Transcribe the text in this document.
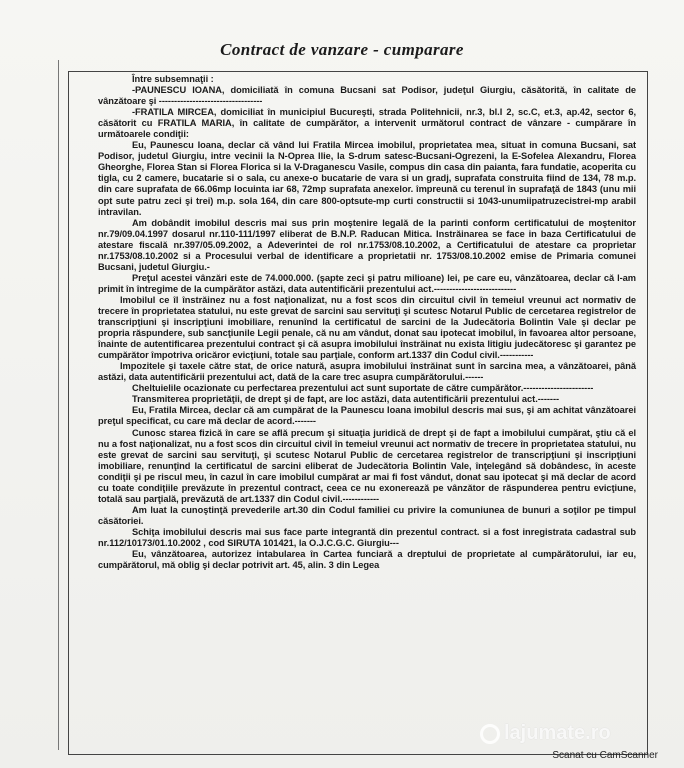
Contract de vanzare - cumparare

Între subsemnaţii :

-PAUNESCU IOANA, domiciliată în comuna Bucsani sat Podisor, judeţul Giurgiu, căsătorită, în calitate de vânzătoare şi ----------------------------------

-FRATILA MIRCEA, domiciliat în municipiul Bucureşti, strada Politehnicii, nr.3, bl.I 2, sc.C, et.3, ap.42, sector 6, căsătorit cu FRATILA MARIA, în calitate de cumpărător, a intervenit următorul contract de vânzare - cumpărare în următoarele condiţii:

Eu, Paunescu Ioana, declar că vând lui Fratila Mircea imobilul, proprietatea mea, situat in comuna Bucsani, sat Podisor, judetul Giurgiu, intre vecinii la N-Oprea Ilie, la S-drum satesc-Bucsani-Ogrezeni, la E-Sofelea Alexandru, Florea Gheorghe, Florea Stan si Florea Florica si la V-Draganescu Vasile, compus din casa din paianta, fara fundatie, acoperita cu tigla, cu 2 camere, bucatarie si o sala, cu anexe-o bucatarie de vara si un gradj, suprafata construita fiind de 134, 78 m.p. din care suprafata de 66.06mp locuinta iar 68, 72mp suprafata anexelor. împreună cu terenul în suprafaţă de 1843 (unu mii opt sute patru zeci şi trei) m.p. sola 164, din care 800-optsute-mp curti constructii si 1043-unumiipatruzecistrei-mp arabil intravilan.

Am dobândit imobilul descris mai sus prin moştenire legală de la parinti conform certificatului de moştenitor nr.79/09.04.1997 dosarul nr.110-111/1997 eliberat de B.N.P. Raducan Mitica. Instrăinarea se face in baza Certificatului de atestare fiscală nr.397/05.09.2002, a Adeverintei de rol nr.1753/08.10.2002, a Certificatului de atestare ca proprietar nr.1753/08.10.2002 si a Procesului verbal de identificare a proprietatii nr. 1753/08.10.2002 emise de Primaria comunei Bucsani, judetul Giurgiu.-

Preţul acestei vânzări este de 74.000.000. (şapte zeci şi patru milioane) lei, pe care eu, vânzătoarea, declar că l-am primit în întregime de la cumpărător astăzi, data autentificării prezentului act.---------------------------

Imobilul ce îl înstrăinez nu a fost naţionalizat, nu a fost scos din circuitul civil în temeiul vreunui act normativ de trecere în proprietatea statului, nu este grevat de sarcini sau servituţi şi scutesc Notarul Public de cercetarea registrelor de transcripţiuni şi inscripţiuni imobiliare, renunînd la certificatul de sarcini de la Judecătoria Bolintin Vale şi declar pe propria răspundere, sub sancţiunile Legii penale, că nu am vândut, donat sau ipotecat imobilul, în favoarea altor persoane, înainte de autentificarea prezentului contract şi că asupra imobilului înstrăinat nu exista litigiu judecătoresc şi garantez pe cumpărător împotriva oricăror evicţiuni, totale sau parţiale, conform art.1337 din Codul civil.-----------

Impozitele şi taxele către stat, de orice natură, asupra imobilului înstrăinat sunt în sarcina mea, a vânzătoarei, până astăzi, data autentificării prezentului act, dată de la care trec asupra cumpărătorului.------

Cheltuielile ocazionate cu perfectarea prezentului act sunt suportate de către cumpărător.-----------------------

Transmiterea proprietăţii, de drept şi de fapt, are loc astăzi, data autentificării prezentului act.-------

Eu, Fratila Mircea, declar că am cumpărat de la Paunescu Ioana imobilul descris mai sus, şi am achitat vânzătoarei preţul specificat, cu care mă declar de acord.-------

Cunosc starea fizică în care se află precum şi situaţia juridică de drept şi de fapt a imobilului cumpărat, ştiu că el nu a fost naţionalizat, nu a fost scos din circuitul civil în temeiul vreunui act normativ de trecere în proprietatea statului, nu este grevat de sarcini sau servituţi, şi scutesc Notarul Public de cercetarea registrelor de transcripţiuni şi inscripţiuni imobiliare, renunţînd la certificatul de sarcini eliberat de Judecătoria Bolintin Vale, înţelegând să dobândesc, în aceste condiţii şi pe riscul meu, în cazul în care imobilul cumpărat ar mai fi fost vândut, donat sau ipotecat şi mă declar de acord cu toate condiţiile prevăzute în prezentul contract, ceea ce nu exonerează pe vânzător de răspunderea pentru evicţiune, totală sau parţială, prevăzută de art.1337 din Codul civil.------------

Am luat la cunoştinţă prevederile art.30 din Codul familiei cu privire la comuniunea de bunuri a soţilor pe timpul căsătoriei.

Schiţa imobilului descris mai sus face parte integrantă din prezentul contract. si a fost inregistrata cadastral sub nr.112/10173/01.10.2002 , cod SIRUTA 101421, la O.J.C.G.C. Giurgiu---

Eu, vânzătoarea, autorizez intabularea în Cartea funciară a dreptului de proprietate al cumpărătorului, iar eu, cumpărătorul, mă oblig şi declar potrivit art. 45, alin. 3 din Legea

lajumate.ro
Scanat cu CamScanner
